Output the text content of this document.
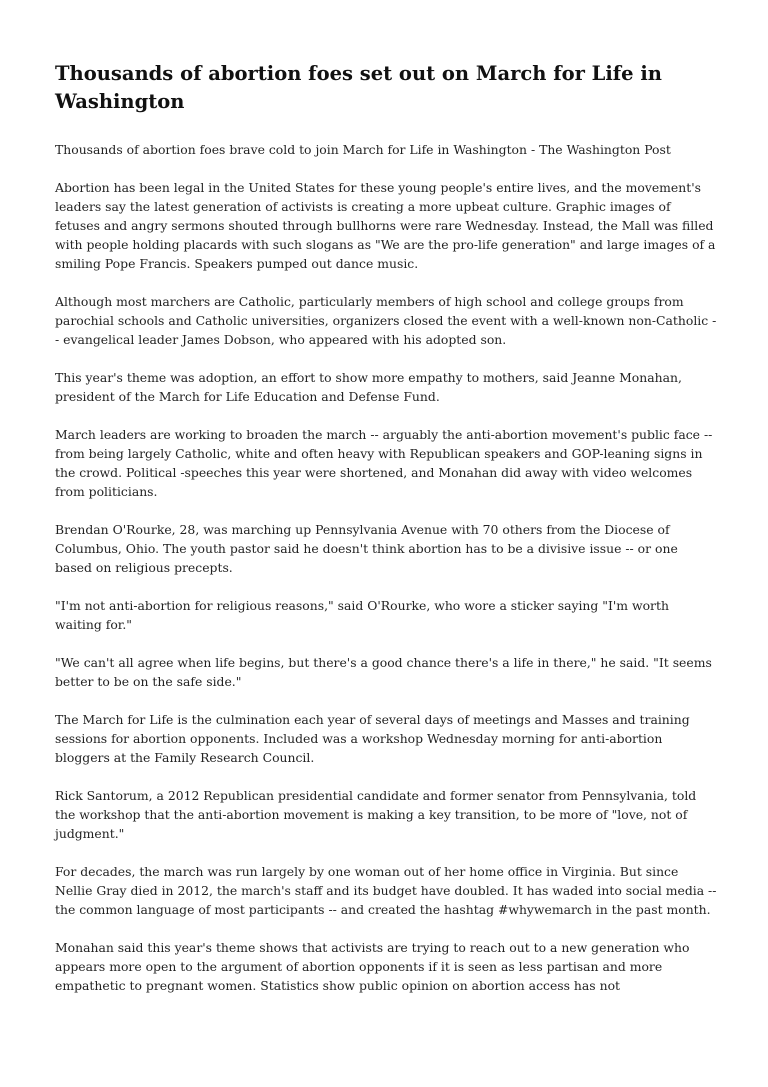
Thousands of abortion foes set out on March for Life in Washington

Thousands of abortion foes brave cold to join March for Life in Washington - The Washington Post

Abortion has been legal in the United States for these young people's entire lives, and the movement's leaders say the latest generation of activists is creating a more upbeat culture. Graphic images of fetuses and angry sermons shouted through bullhorns were rare Wednesday. Instead, the Mall was filled with people holding placards with such slogans as "We are the pro-life generation" and large images of a smiling Pope Francis. Speakers pumped out dance music.

Although most marchers are Catholic, particularly members of high school and college groups from parochial schools and Catholic universities, organizers closed the event with a well-known non-Catholic -- evangelical leader James Dobson, who appeared with his adopted son.

This year's theme was adoption, an effort to show more empathy to mothers, said Jeanne Monahan, president of the March for Life Education and Defense Fund.

March leaders are working to broaden the march -- arguably the anti-abortion movement's public face -- from being largely Catholic, white and often heavy with Republican speakers and GOP-leaning signs in the crowd. Political -speeches this year were shortened, and Monahan did away with video welcomes from politicians.

Brendan O'Rourke, 28, was marching up Pennsylvania Avenue with 70 others from the Diocese of Columbus, Ohio. The youth pastor said he doesn't think abortion has to be a divisive issue -- or one based on religious precepts.

"I'm not anti-abortion for religious reasons," said O'Rourke, who wore a sticker saying "I'm worth waiting for."

"We can't all agree when life begins, but there's a good chance there's a life in there," he said. "It seems better to be on the safe side."

The March for Life is the culmination each year of several days of meetings and Masses and training sessions for abortion opponents. Included was a workshop Wednesday morning for anti-abortion bloggers at the Family Research Council.

Rick Santorum, a 2012 Republican presidential candidate and former senator from Pennsylvania, told the workshop that the anti-abortion movement is making a key transition, to be more of "love, not of judgment."

For decades, the march was run largely by one woman out of her home office in Virginia. But since Nellie Gray died in 2012, the march's staff and its budget have doubled. It has waded into social media -- the common language of most participants -- and created the hashtag #whywemarch in the past month.

Monahan said this year's theme shows that activists are trying to reach out to a new generation who appears more open to the argument of abortion opponents if it is seen as less partisan and more empathetic to pregnant women. Statistics show public opinion on abortion access has not
